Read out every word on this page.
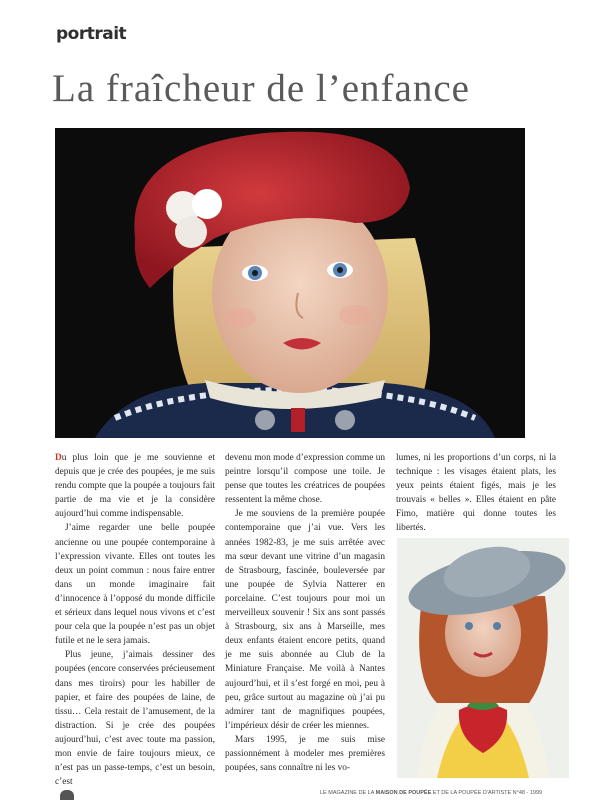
portrait
La fraîcheur de l’enfance

Du plus loin que je me souvienne et depuis que je crée des poupées, je me suis rendu compte que la poupée a toujours fait partie de ma vie et je la considère aujourd’hui comme indispensable.

J’aime regarder une belle poupée ancienne ou une poupée contemporaine à l’expression vivante. Elles ont toutes les deux un point commun : nous faire entrer dans un monde imaginaire fait d’innocence à l’opposé du monde difficile et sérieux dans lequel nous vivons et c’est pour cela que la poupée n’est pas un objet futile et ne le sera jamais.

Plus jeune, j’aimais dessiner des poupées (encore conservées précieusement dans mes tiroirs) pour les habiller de papier, et faire des poupées de laine, de tissu… Cela restait de l’amusement, de la distraction. Si je crée des poupées aujourd’hui, c’est avec toute ma passion, mon envie de faire toujours mieux, ce n’est pas un passe-temps, c’est un besoin, c’est

devenu mon mode d’expression comme un peintre lorsqu’il compose une toile. Je pense que toutes les créatrices de poupées ressentent la même chose.

Je me souviens de la première poupée contemporaine que j’ai vue. Vers les années 1982-83, je me suis arrêtée avec ma sœur devant une vitrine d’un magasin de Strasbourg, fascinée, bouleversée par une poupée de Sylvia Natterer en porcelaine. C’est toujours pour moi un merveilleux souvenir ! Six ans sont passés à Strasbourg, six ans à Marseille, mes deux enfants étaient encore petits, quand je me suis abonnée au Club de la Miniature Française. Me voilà à Nantes aujourd’hui, et il s’est forgé en moi, peu à peu, grâce surtout au magazine où j’ai pu admirer tant de magnifiques poupées, l’impérieux désir de créer les miennes.

Mars 1995, je me suis mise passionnément à modeler mes premières poupées, sans connaître ni les vo-

lumes, ni les proportions d’un corps, ni la technique : les visages étaient plats, les yeux peints étaient figés, mais je les trouvais « belles ». Elles étaient en pâte Fimo, matière qui donne toutes les libertés.

LE MAGAZINE DE LA MAISON DE POUPÉE ET DE LA POUPÉE D’ARTISTE N°48 - 1999
